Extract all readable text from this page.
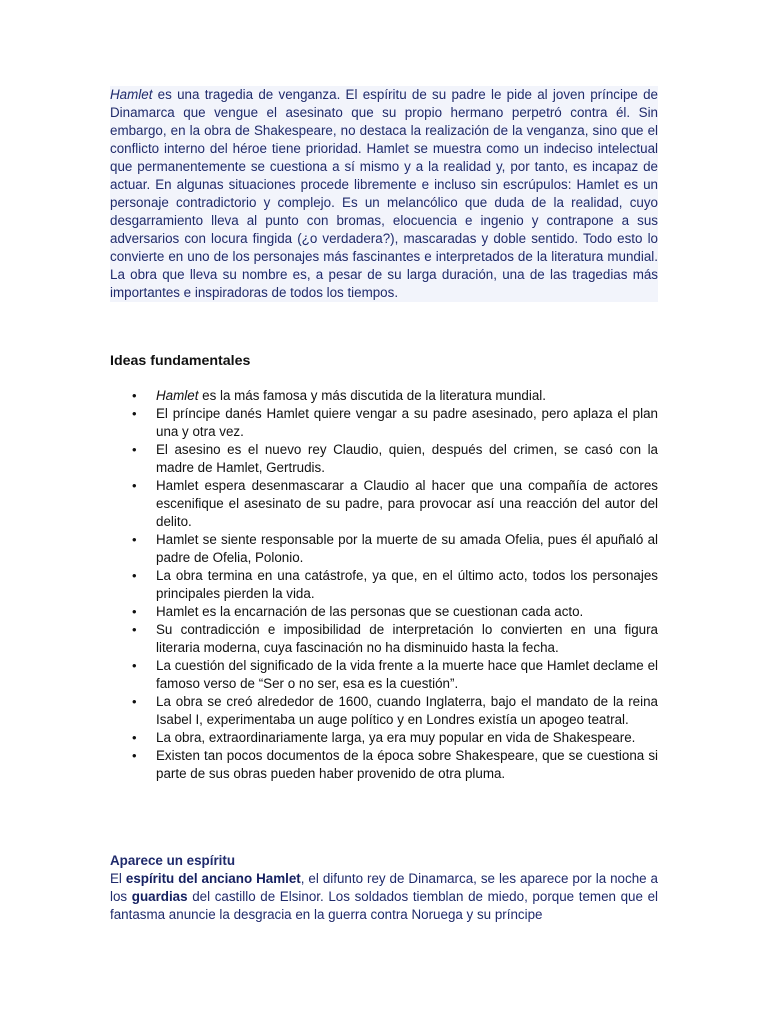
Hamlet es una tragedia de venganza. El espíritu de su padre le pide al joven príncipe de Dinamarca que vengue el asesinato que su propio hermano perpetró contra él. Sin embargo, en la obra de Shakespeare, no destaca la realización de la venganza, sino que el conflicto interno del héroe tiene prioridad. Hamlet se muestra como un indeciso intelectual que permanentemente se cuestiona a sí mismo y a la realidad y, por tanto, es incapaz de actuar. En algunas situaciones procede libremente e incluso sin escrúpulos: Hamlet es un personaje contradictorio y complejo. Es un melancólico que duda de la realidad, cuyo desgarramiento lleva al punto con bromas, elocuencia e ingenio y contrapone a sus adversarios con locura fingida (¿o verdadera?), mascaradas y doble sentido. Todo esto lo convierte en uno de los personajes más fascinantes e interpretados de la literatura mundial. La obra que lleva su nombre es, a pesar de su larga duración, una de las tragedias más importantes e inspiradoras de todos los tiempos.

Ideas fundamentales
• Hamlet es la más famosa y más discutida de la literatura mundial.
• El príncipe danés Hamlet quiere vengar a su padre asesinado, pero aplaza el plan una y otra vez.
• El asesino es el nuevo rey Claudio, quien, después del crimen, se casó con la madre de Hamlet, Gertrudis.
• Hamlet espera desenmascarar a Claudio al hacer que una compañía de actores escenifique el asesinato de su padre, para provocar así una reacción del autor del delito.
• Hamlet se siente responsable por la muerte de su amada Ofelia, pues él apuñaló al padre de Ofelia, Polonio.
• La obra termina en una catástrofe, ya que, en el último acto, todos los personajes principales pierden la vida.
• Hamlet es la encarnación de las personas que se cuestionan cada acto.
• Su contradicción e imposibilidad de interpretación lo convierten en una figura literaria moderna, cuya fascinación no ha disminuido hasta la fecha.
• La cuestión del significado de la vida frente a la muerte hace que Hamlet declame el famoso verso de “Ser o no ser, esa es la cuestión”.
• La obra se creó alrededor de 1600, cuando Inglaterra, bajo el mandato de la reina Isabel I, experimentaba un auge político y en Londres existía un apogeo teatral.
• La obra, extraordinariamente larga, ya era muy popular en vida de Shakespeare.
• Existen tan pocos documentos de la época sobre Shakespeare, que se cuestiona si parte de sus obras pueden haber provenido de otra pluma.
Aparece un espíritu

El espíritu del anciano Hamlet, el difunto rey de Dinamarca, se les aparece por la noche a los guardias del castillo de Elsinor. Los soldados tiemblan de miedo, porque temen que el fantasma anuncie la desgracia en la guerra contra Noruega y su príncipe
